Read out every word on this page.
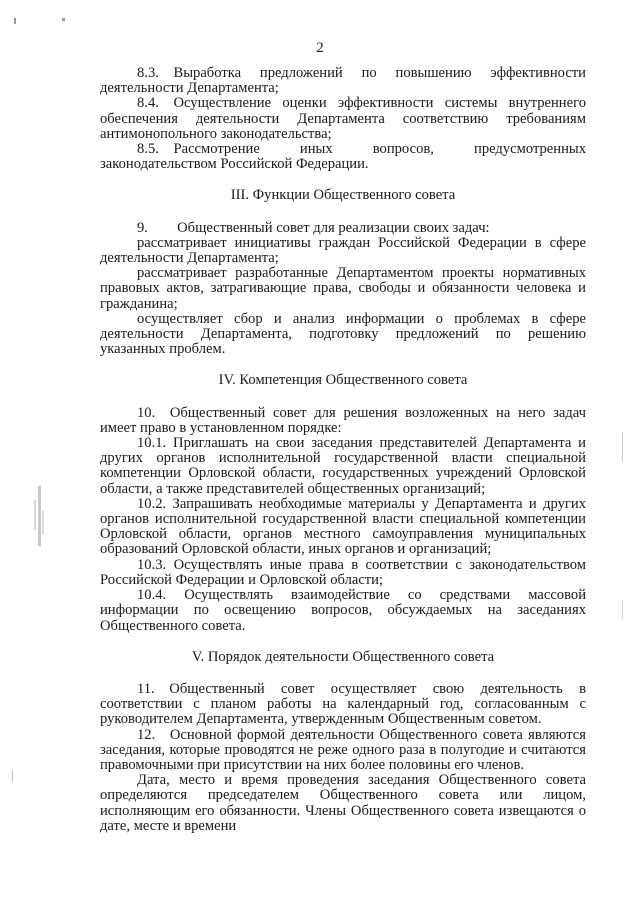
2

8.3. Выработка предложений по повышению эффективности деятельности Департамента;

8.4. Осуществление оценки эффективности системы внутреннего обеспечения деятельности Департамента соответствию требованиям антимонопольного законодательства;

8.5. Рассмотрение иных вопросов, предусмотренных законодательством Российской Федерации.

III. Функции Общественного совета

9.  Общественный совет для реализации своих задач:

рассматривает инициативы граждан Российской Федерации в сфере деятельности Департамента;

рассматривает разработанные Департаментом проекты нормативных правовых актов, затрагивающие права, свободы и обязанности человека и гражданина;

осуществляет сбор и анализ информации о проблемах в сфере деятельности Департамента, подготовку предложений по решению указанных проблем.

IV. Компетенция Общественного совета

10. Общественный совет для решения возложенных на него задач имеет право в установленном порядке:

10.1. Приглашать на свои заседания представителей Департамента и других органов исполнительной государственной власти специальной компетенции Орловской области, государственных учреждений Орловской области, а также представителей общественных организаций;

10.2. Запрашивать необходимые материалы у Департамента и других органов исполнительной государственной власти специальной компетенции Орловской области, органов местного самоуправления муниципальных образований Орловской области, иных органов и организаций;

10.3. Осуществлять иные права в соответствии с законодательством Российской Федерации и Орловской области;

10.4. Осуществлять взаимодействие со средствами массовой информации по освещению вопросов, обсуждаемых на заседаниях Общественного совета.

V. Порядок деятельности Общественного совета

11. Общественный совет осуществляет свою деятельность в соответствии с планом работы на календарный год, согласованным с руководителем Департамента, утвержденным Общественным советом.

12. Основной формой деятельности Общественного совета являются заседания, которые проводятся не реже одного раза в полугодие и считаются правомочными при присутствии на них более половины его членов.

Дата, место и время проведения заседания Общественного совета определяются председателем Общественного совета или лицом, исполняющим его обязанности. Члены Общественного совета извещаются о дате, месте и времени
